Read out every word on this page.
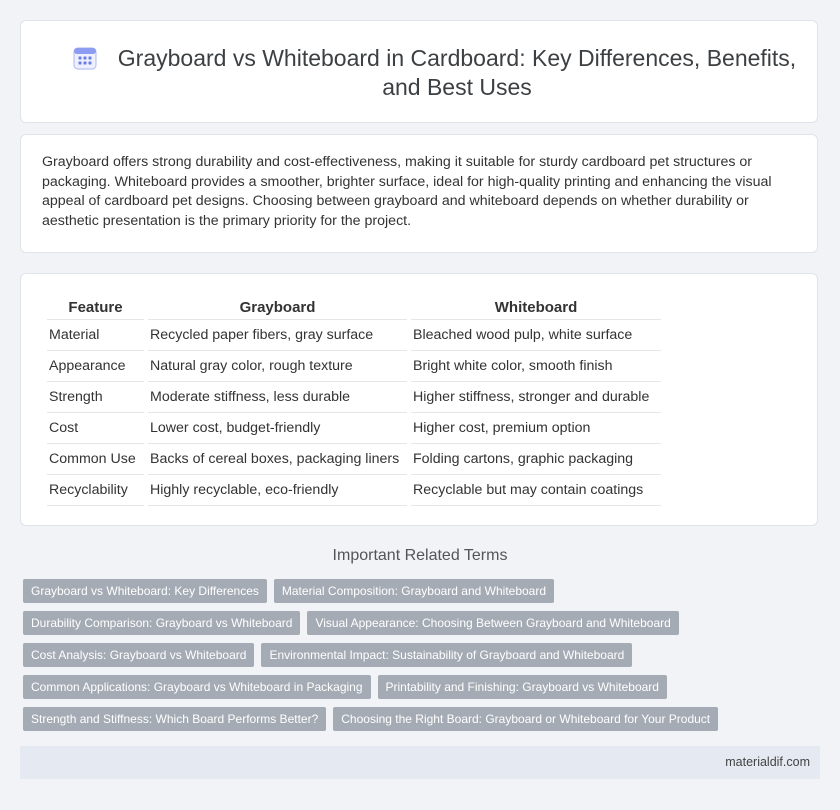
Grayboard vs Whiteboard in Cardboard: Key Differences, Benefits, and Best Uses

Grayboard offers strong durability and cost-effectiveness, making it suitable for sturdy cardboard pet structures or packaging. Whiteboard provides a smoother, brighter surface, ideal for high-quality printing and enhancing the visual appeal of cardboard pet designs. Choosing between grayboard and whiteboard depends on whether durability or aesthetic presentation is the primary priority for the project.

Feature	Grayboard	Whiteboard
Material	Recycled paper fibers, gray surface	Bleached wood pulp, white surface
Appearance	Natural gray color, rough texture	Bright white color, smooth finish
Strength	Moderate stiffness, less durable	Higher stiffness, stronger and durable
Cost	Lower cost, budget-friendly	Higher cost, premium option
Common Use	Backs of cereal boxes, packaging liners	Folding cartons, graphic packaging
Recyclability	Highly recyclable, eco-friendly	Recyclable but may contain coatings
Important Related Terms
Grayboard vs Whiteboard: Key Differences	Material Composition: Grayboard and Whiteboard
Durability Comparison: Grayboard vs Whiteboard	Visual Appearance: Choosing Between Grayboard and Whiteboard
Cost Analysis: Grayboard vs Whiteboard	Environmental Impact: Sustainability of Grayboard and Whiteboard
Common Applications: Grayboard vs Whiteboard in Packaging	Printability and Finishing: Grayboard vs Whiteboard
Strength and Stiffness: Which Board Performs Better?	Choosing the Right Board: Grayboard or Whiteboard for Your Product
materialdif.com
